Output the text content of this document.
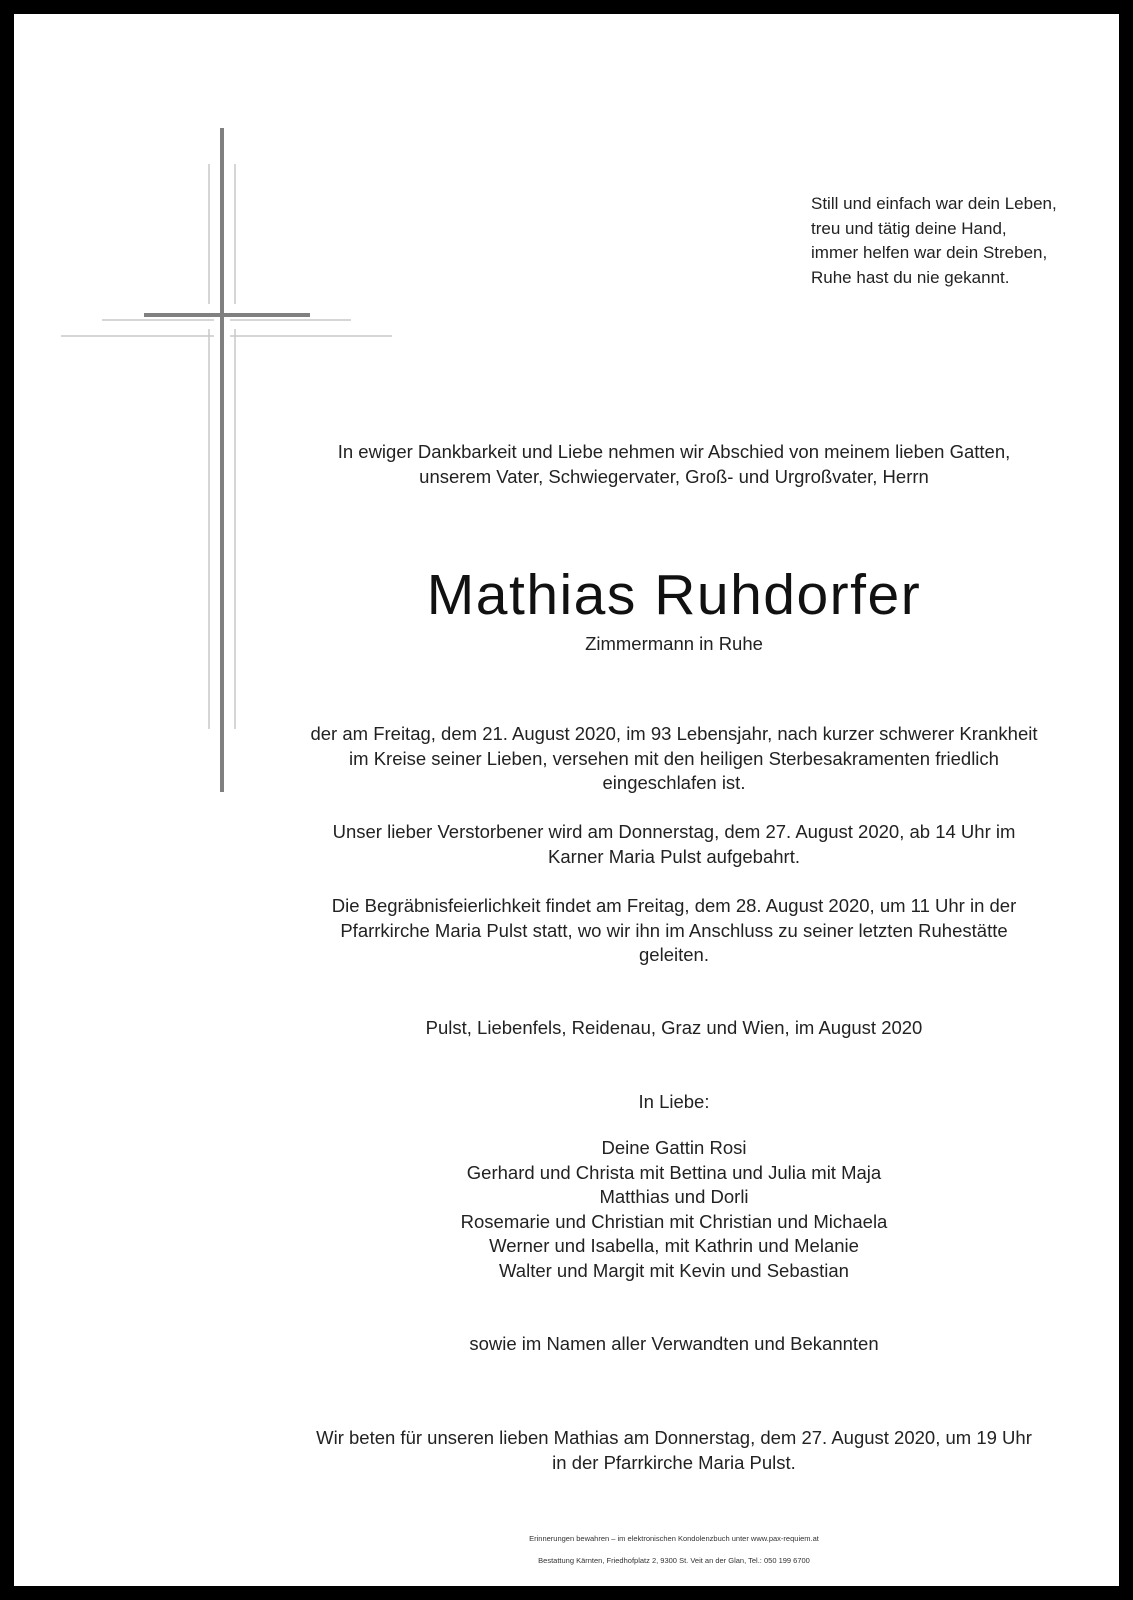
Still und einfach war dein Leben,
treu und tätig deine Hand,
immer helfen war dein Streben,
Ruhe hast du nie gekannt.
In ewiger Dankbarkeit und Liebe nehmen wir Abschied von meinem lieben Gatten,
unserem Vater, Schwiegervater, Groß- und Urgroßvater, Herrn
Mathias Ruhdorfer
Zimmermann in Ruhe
der am Freitag, dem 21. August 2020, im 93 Lebensjahr, nach kurzer schwerer Krankheit
im Kreise seiner Lieben, versehen mit den heiligen Sterbesakramenten friedlich
eingeschlafen ist.
Unser lieber Verstorbener wird am Donnerstag, dem 27. August 2020, ab 14 Uhr im
Karner Maria Pulst aufgebahrt.
Die Begräbnisfeierlichkeit findet am Freitag, dem 28. August 2020, um 11 Uhr in der
Pfarrkirche Maria Pulst statt, wo wir ihn im Anschluss zu seiner letzten Ruhestätte
geleiten.
Pulst, Liebenfels, Reidenau, Graz und Wien, im August 2020
In Liebe:
Deine Gattin Rosi
Gerhard und Christa mit Bettina und Julia mit Maja
Matthias und Dorli
Rosemarie und Christian mit Christian und Michaela
Werner und Isabella, mit Kathrin und Melanie
Walter und Margit mit Kevin und Sebastian
sowie im Namen aller Verwandten und Bekannten
Wir beten für unseren lieben Mathias am Donnerstag, dem 27. August 2020, um 19 Uhr
in der Pfarrkirche Maria Pulst.
Erinnerungen bewahren – im elektronischen Kondolenzbuch unter www.pax-requiem.at
Bestattung Kärnten, Friedhofplatz 2, 9300 St. Veit an der Glan, Tel.: 050 199 6700
